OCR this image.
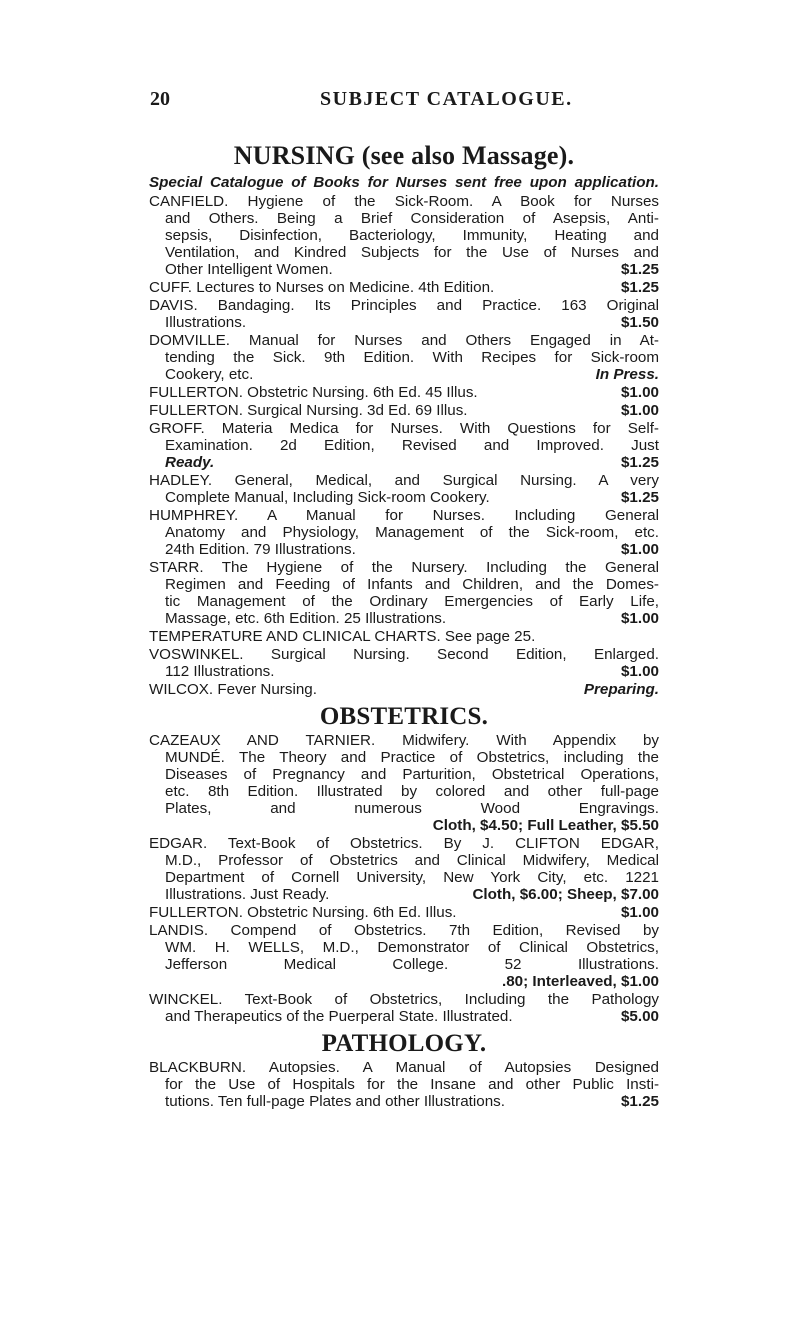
20	SUBJECT CATALOGUE.
NURSING (see also Massage).
Special Catalogue of Books for Nurses sent free upon application.
CANFIELD. Hygiene of the Sick-Room. A Book for Nurses
and Others. Being a Brief Consideration of Asepsis, Anti-
sepsis, Disinfection, Bacteriology, Immunity, Heating and
Ventilation, and Kindred Subjects for the Use of Nurses and
Other Intelligent Women.	$1.25
CUFF. Lectures to Nurses on Medicine. 4th Edition.	$1.25
DAVIS. Bandaging. Its Principles and Practice. 163 Original
Illustrations.	$1.50
DOMVILLE. Manual for Nurses and Others Engaged in At-
tending the Sick. 9th Edition. With Recipes for Sick-room
Cookery, etc.	In Press.
FULLERTON. Obstetric Nursing. 6th Ed. 45 Illus.	$1.00
FULLERTON. Surgical Nursing. 3d Ed. 69 Illus.	$1.00
GROFF. Materia Medica for Nurses. With Questions for Self-
Examination. 2d Edition, Revised and Improved. Just
Ready.	$1.25
HADLEY. General, Medical, and Surgical Nursing. A very
Complete Manual, Including Sick-room Cookery.	$1.25
HUMPHREY. A Manual for Nurses. Including General
Anatomy and Physiology, Management of the Sick-room, etc.
24th Edition. 79 Illustrations.	$1.00
STARR. The Hygiene of the Nursery. Including the General
Regimen and Feeding of Infants and Children, and the Domes-
tic Management of the Ordinary Emergencies of Early Life,
Massage, etc. 6th Edition. 25 Illustrations.	$1.00
TEMPERATURE AND CLINICAL CHARTS. See page 25.
VOSWINKEL. Surgical Nursing. Second Edition, Enlarged.
112 Illustrations.	$1.00
WILCOX. Fever Nursing.	Preparing.
OBSTETRICS.
CAZEAUX AND TARNIER. Midwifery. With Appendix by
MUNDÉ. The Theory and Practice of Obstetrics, including the
Diseases of Pregnancy and Parturition, Obstetrical Operations,
etc. 8th Edition. Illustrated by colored and other full-page
Plates, and numerous Wood Engravings.
Cloth, $4.50; Full Leather, $5.50
EDGAR. Text-Book of Obstetrics. By J. CLIFTON EDGAR,
M.D., Professor of Obstetrics and Clinical Midwifery, Medical
Department of Cornell University, New York City, etc. 1221
Illustrations. Just Ready.	Cloth, $6.00; Sheep, $7.00
FULLERTON. Obstetric Nursing. 6th Ed. Illus.	$1.00
LANDIS. Compend of Obstetrics. 7th Edition, Revised by
WM. H. WELLS, M.D., Demonstrator of Clinical Obstetrics,
Jefferson Medical College. 52 Illustrations.
.80; Interleaved, $1.00
WINCKEL. Text-Book of Obstetrics, Including the Pathology
and Therapeutics of the Puerperal State. Illustrated.	$5.00
PATHOLOGY.
BLACKBURN. Autopsies. A Manual of Autopsies Designed
for the Use of Hospitals for the Insane and other Public Insti-
tutions. Ten full-page Plates and other Illustrations.	$1.25
